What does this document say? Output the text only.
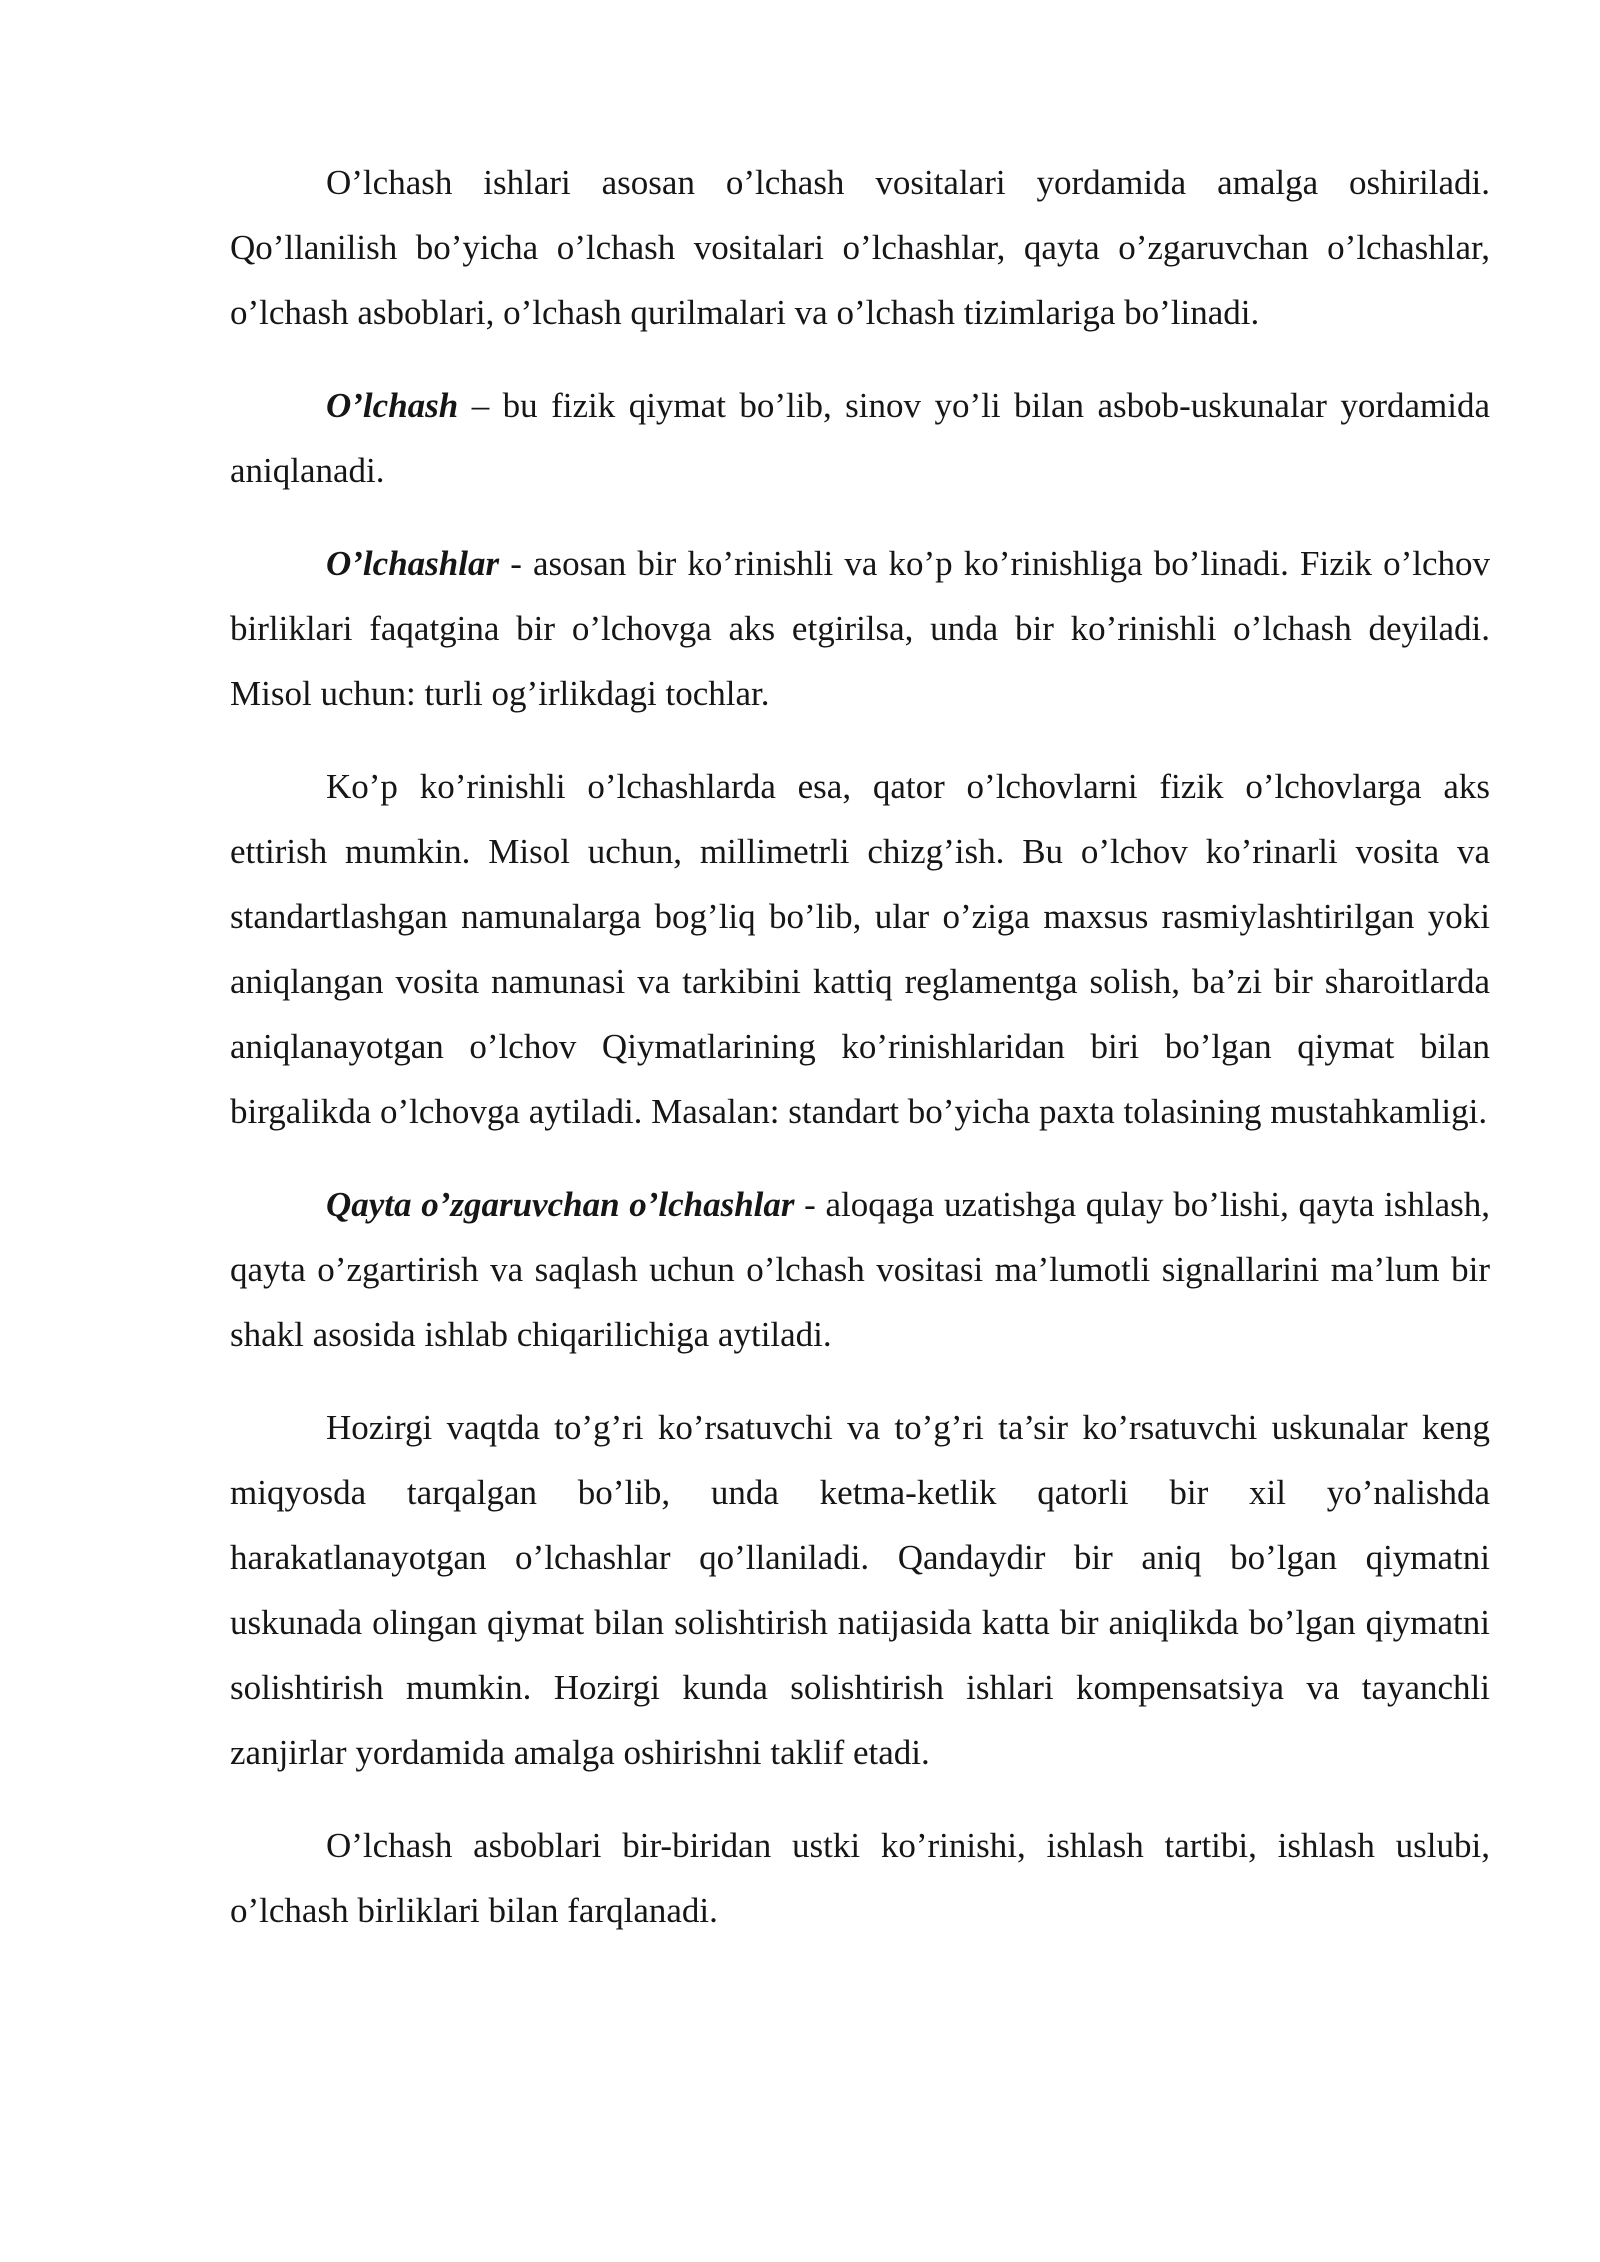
O’lchash ishlari asosan o’lchash vositalari yordamida amalga oshiriladi. Qo’llanilish bo’yicha o’lchash vositalari o’lchashlar, qayta o’zgaruvchan o’lchashlar, o’lchash asboblari, o’lchash qurilmalari va o’lchash tizimlariga bo’linadi.

O’lchash – bu fizik qiymat bo’lib, sinov yo’li bilan asbob-uskunalar yordamida aniqlanadi.

O’lchashlar - asosan bir ko’rinishli va ko’p ko’rinishliga bo’linadi. Fizik o’lchov birliklari faqatgina bir o’lchovga aks etgirilsa, unda bir ko’rinishli o’lchash deyiladi. Misol uchun: turli og’irlikdagi tochlar.

Ko’p ko’rinishli o’lchashlarda esa, qator o’lchovlarni fizik o’lchovlarga aks ettirish mumkin. Misol uchun, millimetrli chizg’ish. Bu o’lchov ko’rinarli vosita va standartlashgan namunalarga bog’liq bo’lib, ular o’ziga maxsus rasmiylashtirilgan yoki aniqlangan vosita namunasi va tarkibini kattiq reglamentga solish, ba’zi bir sharoitlarda aniqlanayotgan o’lchov Qiymatlarining ko’rinishlaridan biri bo’lgan qiymat bilan birgalikda o’lchovga aytiladi. Masalan: standart bo’yicha paxta tolasining mustahkamligi.

Qayta o’zgaruvchan o’lchashlar - aloqaga uzatishga qulay bo’lishi, qayta ishlash, qayta o’zgartirish va saqlash uchun o’lchash vositasi ma’lumotli signallarini ma’lum bir shakl asosida ishlab chiqarilichiga aytiladi.

Hozirgi vaqtda to’g’ri ko’rsatuvchi va to’g’ri ta’sir ko’rsatuvchi uskunalar keng miqyosda tarqalgan bo’lib, unda ketma-ketlik qatorli bir xil yo’nalishda harakatlanayotgan o’lchashlar qo’llaniladi. Qandaydir bir aniq bo’lgan qiymatni uskunada olingan qiymat bilan solishtirish natijasida katta bir aniqlikda bo’lgan qiymatni solishtirish mumkin. Hozirgi kunda solishtirish ishlari kompensatsiya va tayanchli zanjirlar yordamida amalga oshirishni taklif etadi.

O’lchash asboblari bir-biridan ustki ko’rinishi, ishlash tartibi, ishlash uslubi, o’lchash birliklari bilan farqlanadi.
